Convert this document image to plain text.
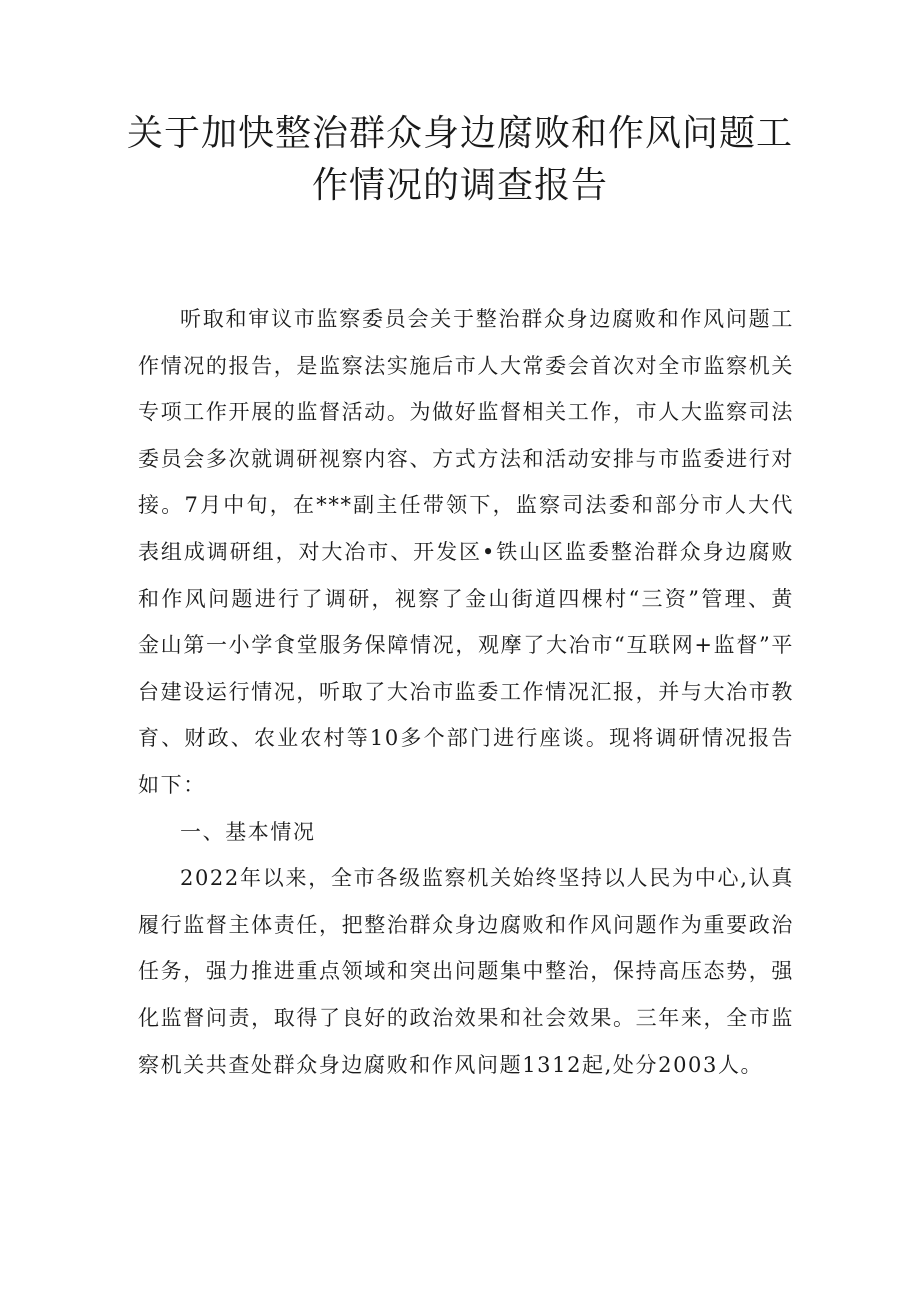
关于加快整治群众身边腐败和作风问题工
作情况的调查报告

听取和审议市监察委员会关于整治群众身边腐败和作风问题工作情况的报告，是监察法实施后市人大常委会首次对全市监察机关专项工作开展的监督活动。为做好监督相关工作，市人大监察司法委员会多次就调研视察内容、方式方法和活动安排与市监委进行对接。7月中旬，在***副主任带领下，监察司法委和部分市人大代表组成调研组，对大冶市、开发区•铁山区监委整治群众身边腐败和作风问题进行了调研，视察了金山街道四棵村“三资”管理、黄金山第一小学食堂服务保障情况，观摩了大冶市“互联网+监督”平台建设运行情况，听取了大冶市监委工作情况汇报，并与大冶市教育、财政、农业农村等10多个部门进行座谈。现将调研情况报告如下：

一、基本情况

2022年以来，全市各级监察机关始终坚持以人民为中心,认真履行监督主体责任，把整治群众身边腐败和作风问题作为重要政治任务，强力推进重点领域和突出问题集中整治，保持高压态势，强化监督问责，取得了良好的政治效果和社会效果。三年来，全市监察机关共查处群众身边腐败和作风问题1312起,处分2003人。
